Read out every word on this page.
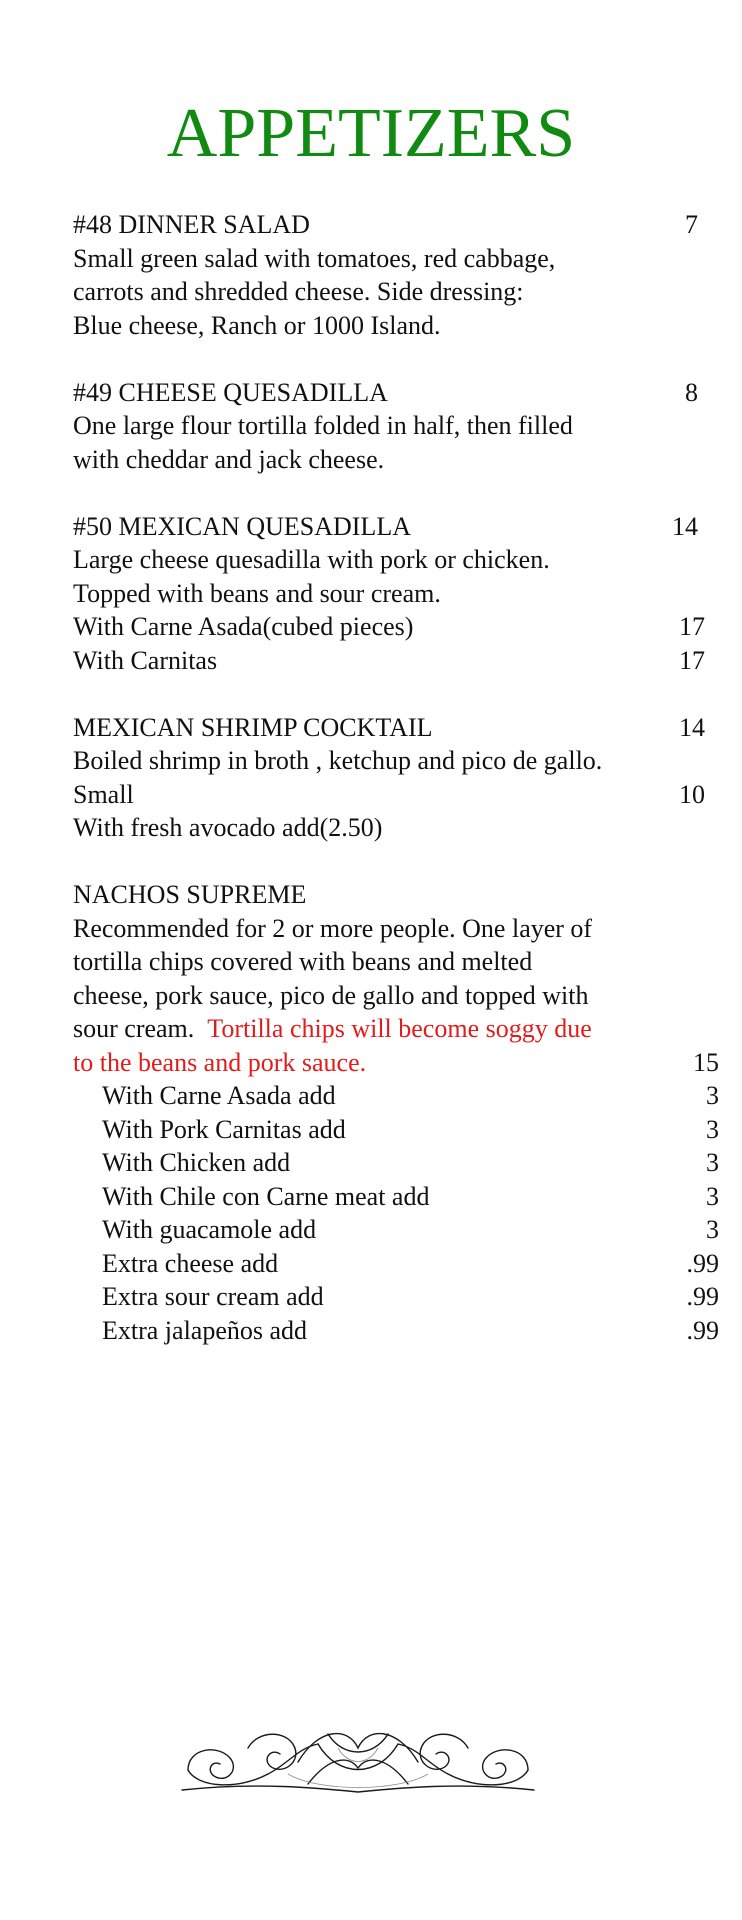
APPETIZERS
#48 DINNER SALAD	7
Small green salad with tomatoes, red cabbage,
carrots and shredded cheese. Side dressing:
Blue cheese, Ranch or 1000 Island.
#49 CHEESE QUESADILLA	8
One large flour tortilla folded in half, then filled
with cheddar and jack cheese.
#50 MEXICAN QUESADILLA	14
Large cheese quesadilla with pork or chicken.
Topped with beans and sour cream.
With Carne Asada(cubed pieces)	17
With Carnitas	17
MEXICAN SHRIMP COCKTAIL	14
Boiled shrimp in broth , ketchup and pico de gallo.
Small	10
With fresh avocado add(2.50)
NACHOS SUPREME
Recommended for 2 or more people. One layer of
tortilla chips covered with beans and melted
cheese, pork sauce, pico de gallo and topped with
sour cream. Tortilla chips will become soggy due
to the beans and pork sauce.	15
With Carne Asada add	3
With Pork Carnitas add	3
With Chicken add	3
With Chile con Carne meat add	3
With guacamole add	3
Extra cheese add	.99
Extra sour cream add	.99
Extra jalapeños add	.99
